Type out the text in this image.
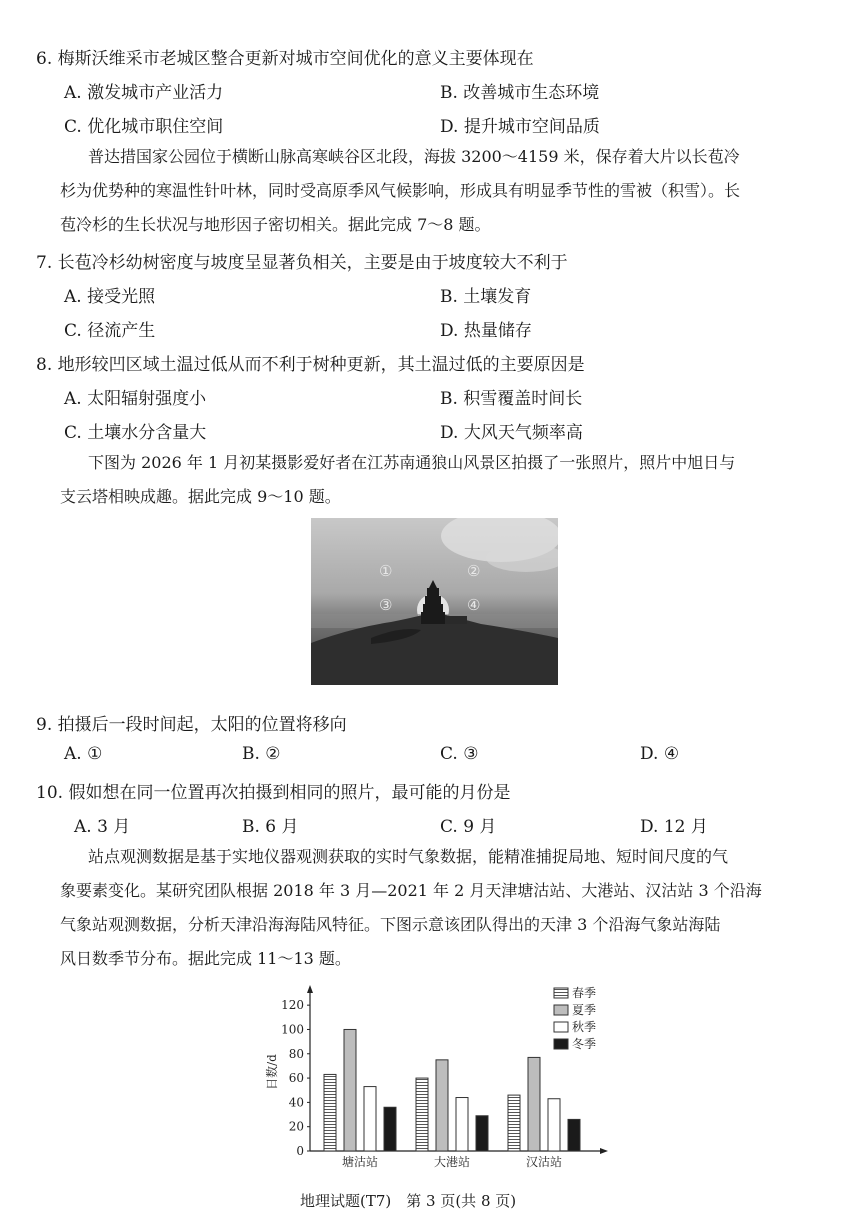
6. 梅斯沃维采市老城区整合更新对城市空间优化的意义主要体现在
A. 激发城市产业活力	B. 改善城市生态环境
C. 优化城市职住空间	D. 提升城市空间品质
普达措国家公园位于横断山脉高寒峡谷区北段，海拔 3200～4159 米，保存着大片以长苞冷
杉为优势种的寒温性针叶林，同时受高原季风气候影响，形成具有明显季节性的雪被（积雪）。长
苞冷杉的生长状况与地形因子密切相关。据此完成 7～8 题。
7. 长苞冷杉幼树密度与坡度呈显著负相关，主要是由于坡度较大不利于
A. 接受光照	B. 土壤发育
C. 径流产生	D. 热量储存
8. 地形较凹区域土温过低从而不利于树种更新，其土温过低的主要原因是
A. 太阳辐射强度小	B. 积雪覆盖时间长
C. 土壤水分含量大	D. 大风天气频率高
下图为 2026 年 1 月初某摄影爱好者在江苏南通狼山风景区拍摄了一张照片，照片中旭日与
支云塔相映成趣。据此完成 9～10 题。
①	②
③	④
9. 拍摄后一段时间起，太阳的位置将移向
A. ①	B. ②	C. ③	D. ④
10. 假如想在同一位置再次拍摄到相同的照片，最可能的月份是
A. 3 月	B. 6 月	C. 9 月	D. 12 月
站点观测数据是基于实地仪器观测获取的实时气象数据，能精准捕捉局地、短时间尺度的气
象要素变化。某研究团队根据 2018 年 3 月—2021 年 2 月天津塘沽站、大港站、汉沽站 3 个沿海
气象站观测数据，分析天津沿海海陆风特征。下图示意该团队得出的天津 3 个沿海气象站海陆
风日数季节分布。据此完成 11～13 题。
0
20
40
60
80
100
120
日数/d
塘沽站	大港站	汉沽站
春季
夏季
秋季
冬季
地理试题(T7)　第 3 页(共 8 页)
